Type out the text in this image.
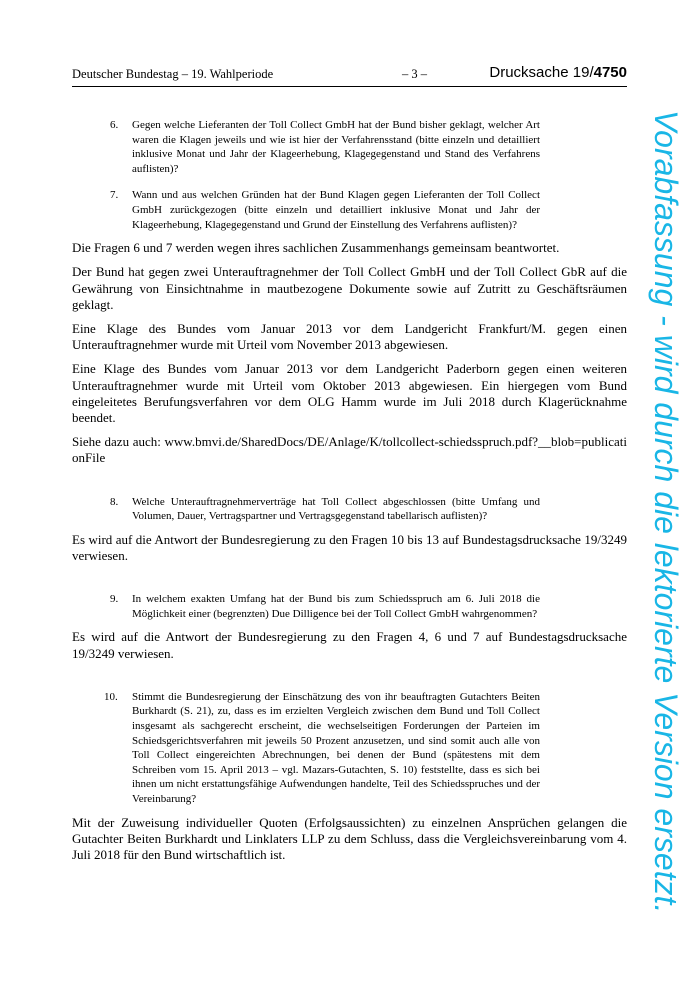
Deutscher Bundestag – 19. Wahlperiode	– 3 –	Drucksache 19/4750
6.	Gegen welche Lieferanten der Toll Collect GmbH hat der Bund bisher geklagt, welcher Art waren die Klagen jeweils und wie ist hier der Verfahrensstand (bitte einzeln und detailliert inklusive Monat und Jahr der Klageerhebung, Klagegegenstand und Stand des Verfahrens auflisten)?
7.	Wann und aus welchen Gründen hat der Bund Klagen gegen Lieferanten der Toll Collect GmbH zurückgezogen (bitte einzeln und detailliert inklusive Monat und Jahr der Klageerhebung, Klagegegenstand und Grund der Einstellung des Verfahrens auflisten)?

Die Fragen 6 und 7 werden wegen ihres sachlichen Zusammenhangs gemeinsam beantwortet.

Der Bund hat gegen zwei Unterauftragnehmer der Toll Collect GmbH und der Toll Collect GbR auf die Gewährung von Einsichtnahme in mautbezogene Dokumente sowie auf Zutritt zu Geschäftsräumen geklagt.

Eine Klage des Bundes vom Januar 2013 vor dem Landgericht Frankfurt/M. gegen einen Unterauftragnehmer wurde mit Urteil vom November 2013 abgewiesen.

Eine Klage des Bundes vom Januar 2013 vor dem Landgericht Paderborn gegen einen weiteren Unterauftragnehmer wurde mit Urteil vom Oktober 2013 abgewiesen. Ein hiergegen vom Bund eingeleitetes Berufungsverfahren vor dem OLG Hamm wurde im Juli 2018 durch Klagerücknahme beendet.

Siehe dazu auch: www.bmvi.de/SharedDocs/DE/Anlage/K/tollcollect-schiedsspruch.pdf?__blob=publicationFile

8.	Welche Unterauftragnehmerverträge hat Toll Collect abgeschlossen (bitte Umfang und Volumen, Dauer, Vertragspartner und Vertragsgegenstand tabellarisch auflisten)?

Es wird auf die Antwort der Bundesregierung zu den Fragen 10 bis 13 auf Bundestagsdrucksache 19/3249 verwiesen.

9.	In welchem exakten Umfang hat der Bund bis zum Schiedsspruch am 6. Juli 2018 die Möglichkeit einer (begrenzten) Due Dilligence bei der Toll Collect GmbH wahrgenommen?

Es wird auf die Antwort der Bundesregierung zu den Fragen 4, 6 und 7 auf Bundestagsdrucksache 19/3249 verwiesen.

10.	Stimmt die Bundesregierung der Einschätzung des von ihr beauftragten Gutachters Beiten Burkhardt (S. 21), zu, dass es im erzielten Vergleich zwischen dem Bund und Toll Collect insgesamt als sachgerecht erscheint, die wechselseitigen Forderungen der Parteien im Schiedsgerichtsverfahren mit jeweils 50 Prozent anzusetzen, und sind somit auch alle von Toll Collect eingereichten Abrechnungen, bei denen der Bund (spätestens mit dem Schreiben vom 15. April 2013 – vgl. Mazars-Gutachten, S. 10) feststellte, dass es sich bei ihnen um nicht erstattungsfähige Aufwendungen handelte, Teil des Schiedsspruches und der Vereinbarung?

Mit der Zuweisung individueller Quoten (Erfolgsaussichten) zu einzelnen Ansprüchen gelangen die Gutachter Beiten Burkhardt und Linklaters LLP zu dem Schluss, dass die Vergleichsvereinbarung vom 4. Juli 2018 für den Bund wirtschaftlich ist.	Vorabfassung - wird durch die lektorierte Version ersetzt.
